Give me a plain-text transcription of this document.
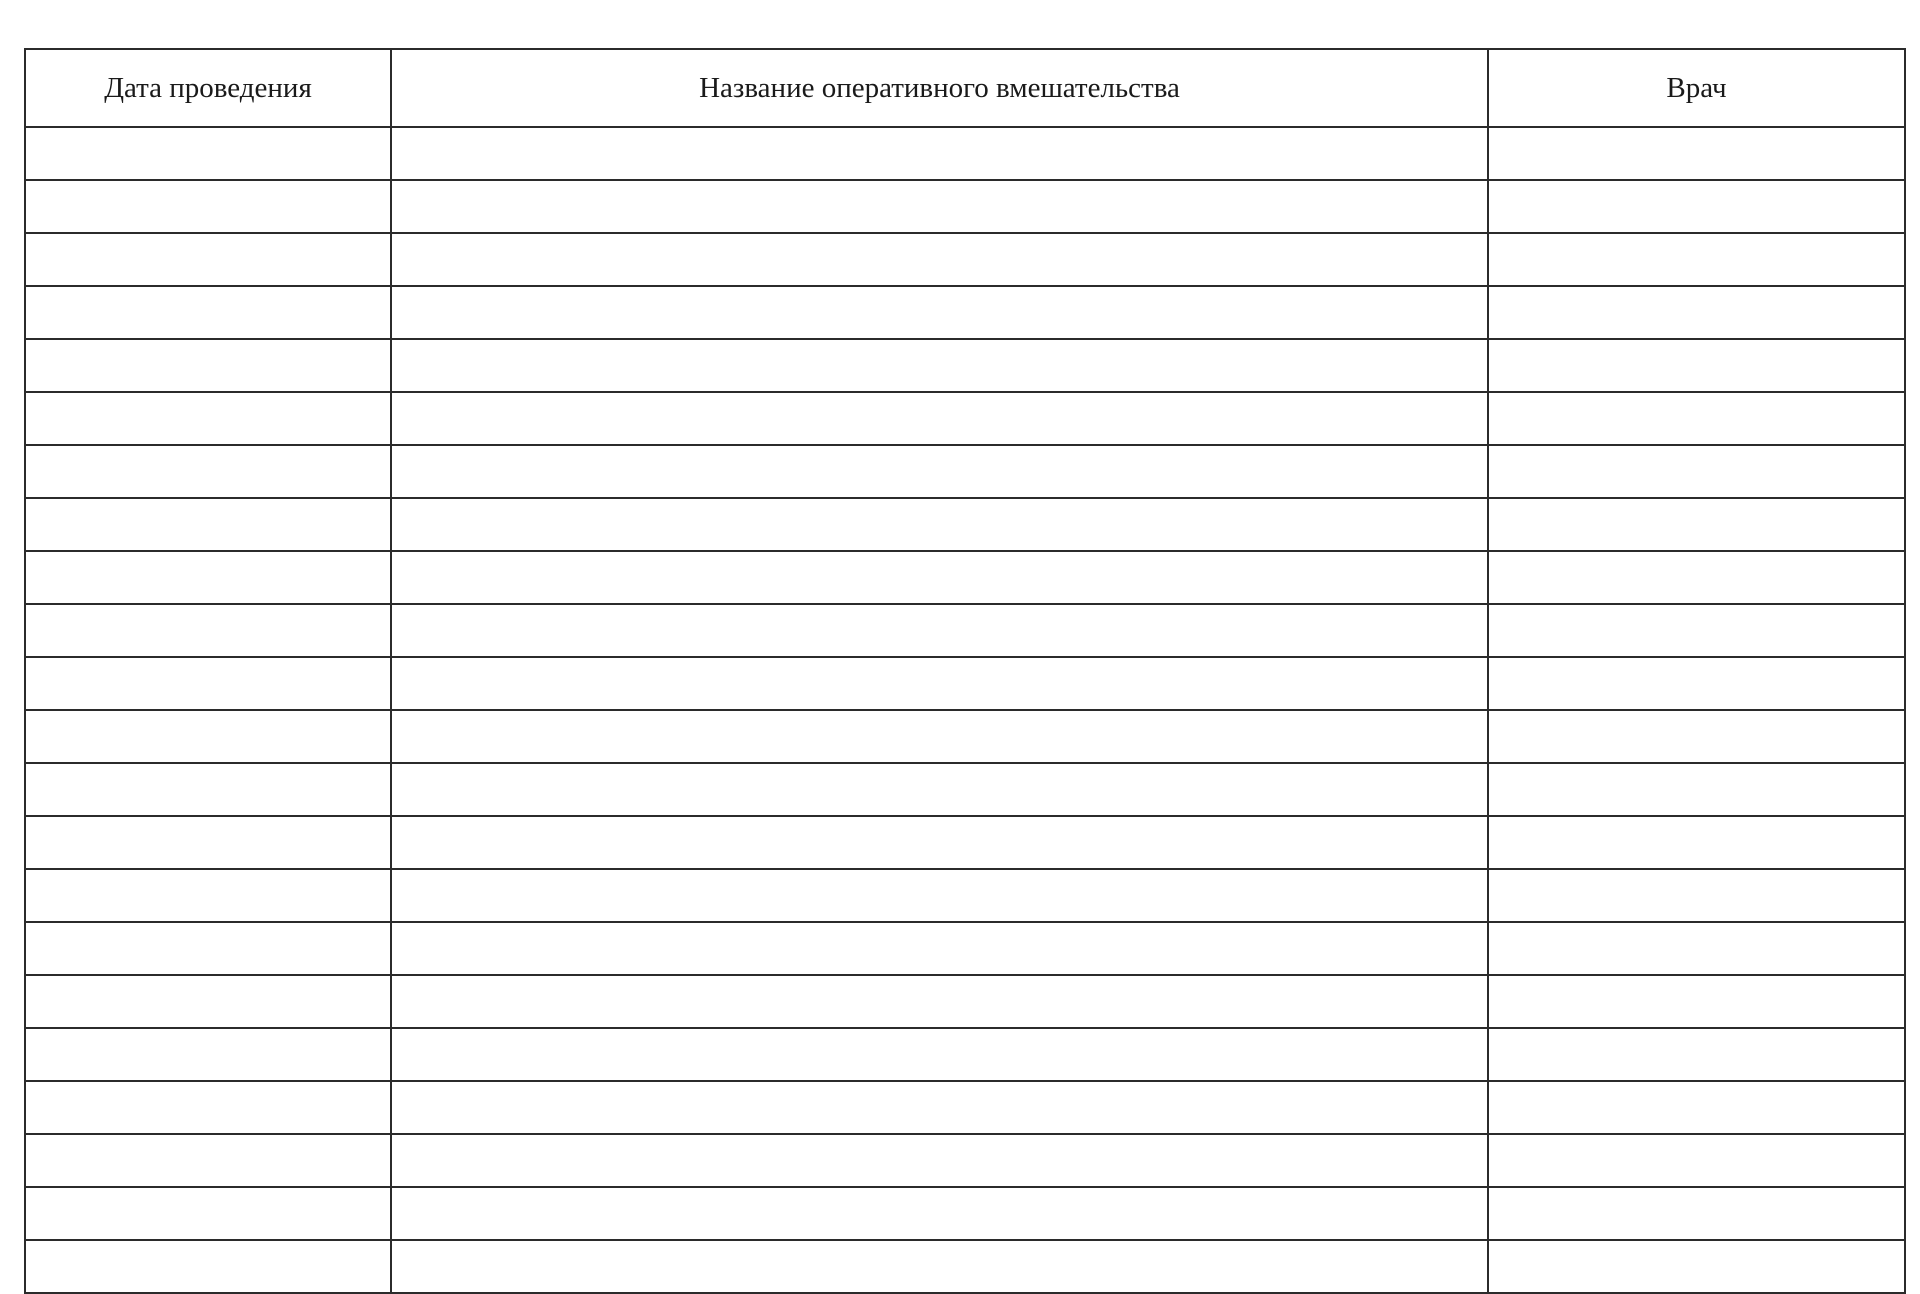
Дата проведения	Название оперативного вмешательства	Врач
